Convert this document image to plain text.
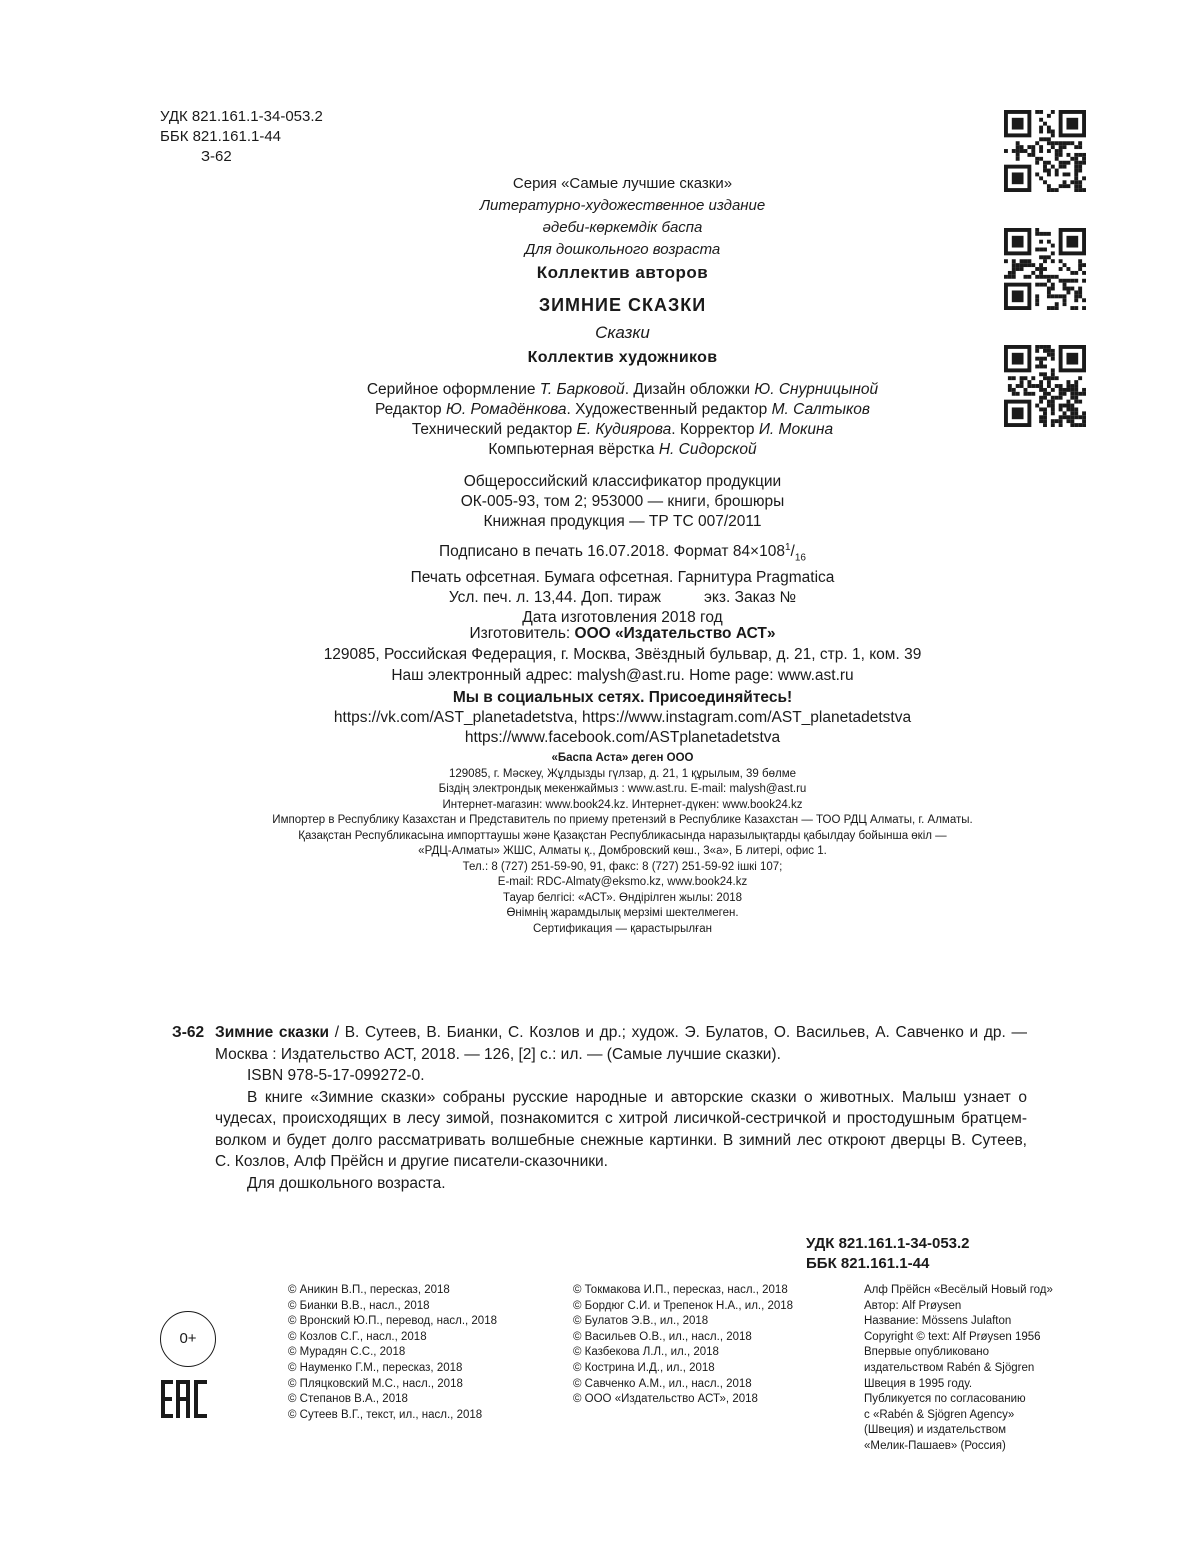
УДК 821.161.1-34-053.2
ББК 821.161.1-44
З-62
Серия «Самые лучшие сказки»
Литературно-художественное издание
әдеби-көркемдік баспа
Для дошкольного возраста
Коллектив авторов
ЗИМНИЕ СКАЗКИ
Сказки
Коллектив художников
Серийное оформление Т. Барковой. Дизайн обложки Ю. Снурницыной
Редактор Ю. Ромадёнкова. Художественный редактор М. Салтыков
Технический редактор Е. Кудиярова. Корректор И. Мокина
Компьютерная вёрстка Н. Сидорской
Общероссийский классификатор продукции
ОК-005-93, том 2; 953000 — книги, брошюры
Книжная продукция — ТР ТС 007/2011
Подписано в печать 16.07.2018. Формат $84\times 108^1/_{16}$
Печать офсетная. Бумага офсетная. Гарнитура Pragmatica
Усл. печ. л. 13,44. Доп. тираж          экз. Заказ №
Дата изготовления 2018 год
Изготовитель: ООО «Издательство АСТ»
129085, Российская Федерация, г. Москва, Звёздный бульвар, д. 21, стр. 1, ком. 39
Наш электронный адрес: malysh@ast.ru. Home page: www.ast.ru
Мы в социальных сетях. Присоединяйтесь!
https://vk.com/AST_planetadetstva, https://www.instagram.com/AST_planetadetstva
https://www.facebook.com/ASTplanetadetstva
«Баспа Аста» деген ООО
129085, г. Мәскеу, Жұлдызды гүлзар, д. 21, 1 құрылым, 39 бөлме
Біздің электрондық мекенжаймыз : www.ast.ru. E-mail: malysh@ast.ru
Интернет-магазин: www.book24.kz. Интернет-дүкен: www.book24.kz
Импортер в Республику Казахстан и Представитель по приему претензий в Республике Казахстан — ТОО РДЦ Алматы, г. Алматы.
Қазақстан Республикасына импорттаушы және Қазақстан Республикасында наразылықтарды қабылдау бойынша өкіл —
«РДЦ-Алматы» ЖШС, Алматы қ., Домбровский көш., 3«а», Б литері, офис 1.
Тел.: 8 (727) 251-59-90, 91, факс: 8 (727) 251-59-92 ішкі 107;
E-mail: RDC-Almaty@eksmo.kz, www.book24.kz
Тауар белгісі: «АСТ». Өндірілген жылы: 2018
Өнімнің жарамдылық мерзімі шектелмеген.
Сертификация — қарастырылған
З-62 Зимние сказки / В. Сутеев, В. Бианки, С. Козлов и др.; худож. Э. Булатов, О. Васильев, А. Савченко и др. — Москва : Издательство АСТ, 2018. — 126, [2] с.: ил. — (Самые лучшие сказки).

ISBN 978-5-17-099272-0.

В книге «Зимние сказки» собраны русские народные и авторские сказки о животных. Малыш узнает о чудесах, происходящих в лесу зимой, познакомится с хитрой лисичкой-сестричкой и простодушным братцем-волком и будет долго рассматривать волшебные снежные картинки. В зимний лес откроют дверцы В. Сутеев, С. Козлов, Алф Прёйсн и другие писатели-сказочники.

Для дошкольного возраста.

УДК 821.161.1-34-053.2
ББК 821.161.1-44
© Аникин В.П., пересказ, 2018
© Бианки В.В., насл., 2018
© Вронский Ю.П., перевод, насл., 2018
© Козлов С.Г., насл., 2018
© Мурадян С.С., 2018
© Науменко Г.М., пересказ, 2018
© Пляцковский М.С., насл., 2018
© Степанов В.А., 2018
© Сутеев В.Г., текст, ил., насл., 2018
© Токмакова И.П., пересказ, насл., 2018
© Бордюг С.И. и Трепенок Н.А., ил., 2018
© Булатов Э.В., ил., 2018
© Васильев О.В., ил., насл., 2018
© Казбекова Л.Л., ил., 2018
© Кострина И.Д., ил., 2018
© Савченко А.М., ил., насл., 2018
© ООО «Издательство АСТ», 2018
Алф Прёйсн «Весёлый Новый год»
Автор: Alf Prøysen
Название: Mössens Julafton
Copyright © text: Alf Prøysen 1956
Впервые опубликовано
издательством Rabén & Sjögren
Швеция в 1995 году.
Публикуется по согласованию
с «Rabén & Sjögren Agency»
(Швеция) и издательством
«Мелик-Пашаев» (Россия)
0+
